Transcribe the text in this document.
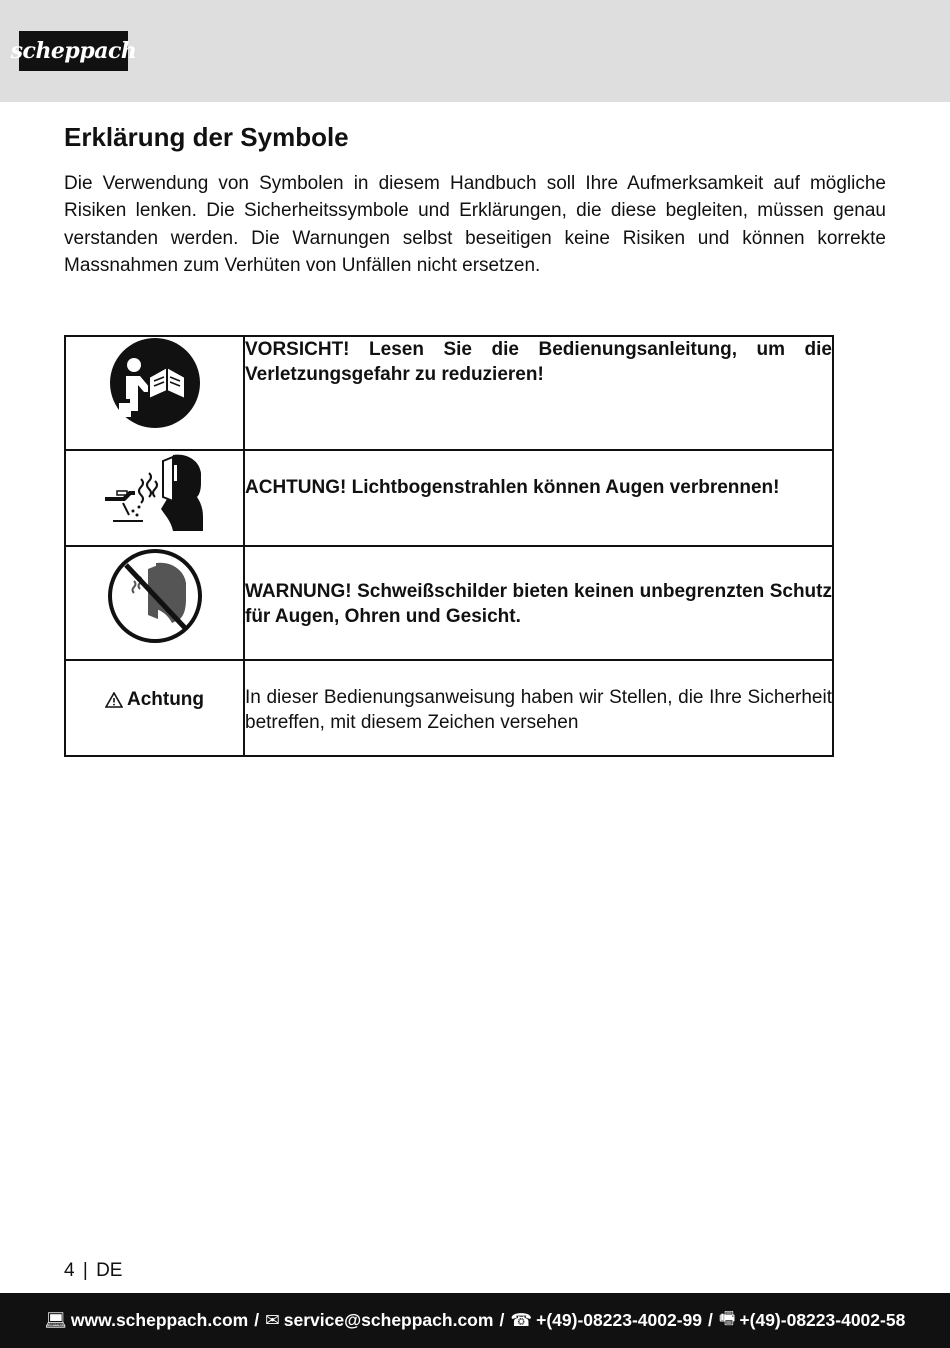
scheppach
Erklärung der Symbole

Die Verwendung von Symbolen in diesem Handbuch soll Ihre Aufmerksamkeit auf mögliche Risiken lenken. Die Sicherheitssymbole und Erklärungen, die diese begleiten, müssen genau verstanden werden. Die Warnungen selbst beseitigen keine Risiken und können korrekte Massnahmen zum Verhüten von Unfällen nicht ersetzen.

	VORSICHT! Lesen Sie die Bedienungsanleitung, um die Verletzungsgefahr zu reduzieren!
	ACHTUNG! Lichtbogenstrahlen können Augen verbrennen!
	WARNUNG! Schweißschilder bieten keinen unbegrenzten Schutz für Augen, Ohren und Gesicht.

Achtung	In dieser Bedienungsanweisung haben wir Stellen, die Ihre Sicherheit betreffen, mit diesem Zeichen versehen
4 | DE
💻︎ www.scheppach.com / ✉︎ service@scheppach.com / ☎︎ +(49)-08223-4002-99 / 🖷︎ +(49)-08223-4002-58
